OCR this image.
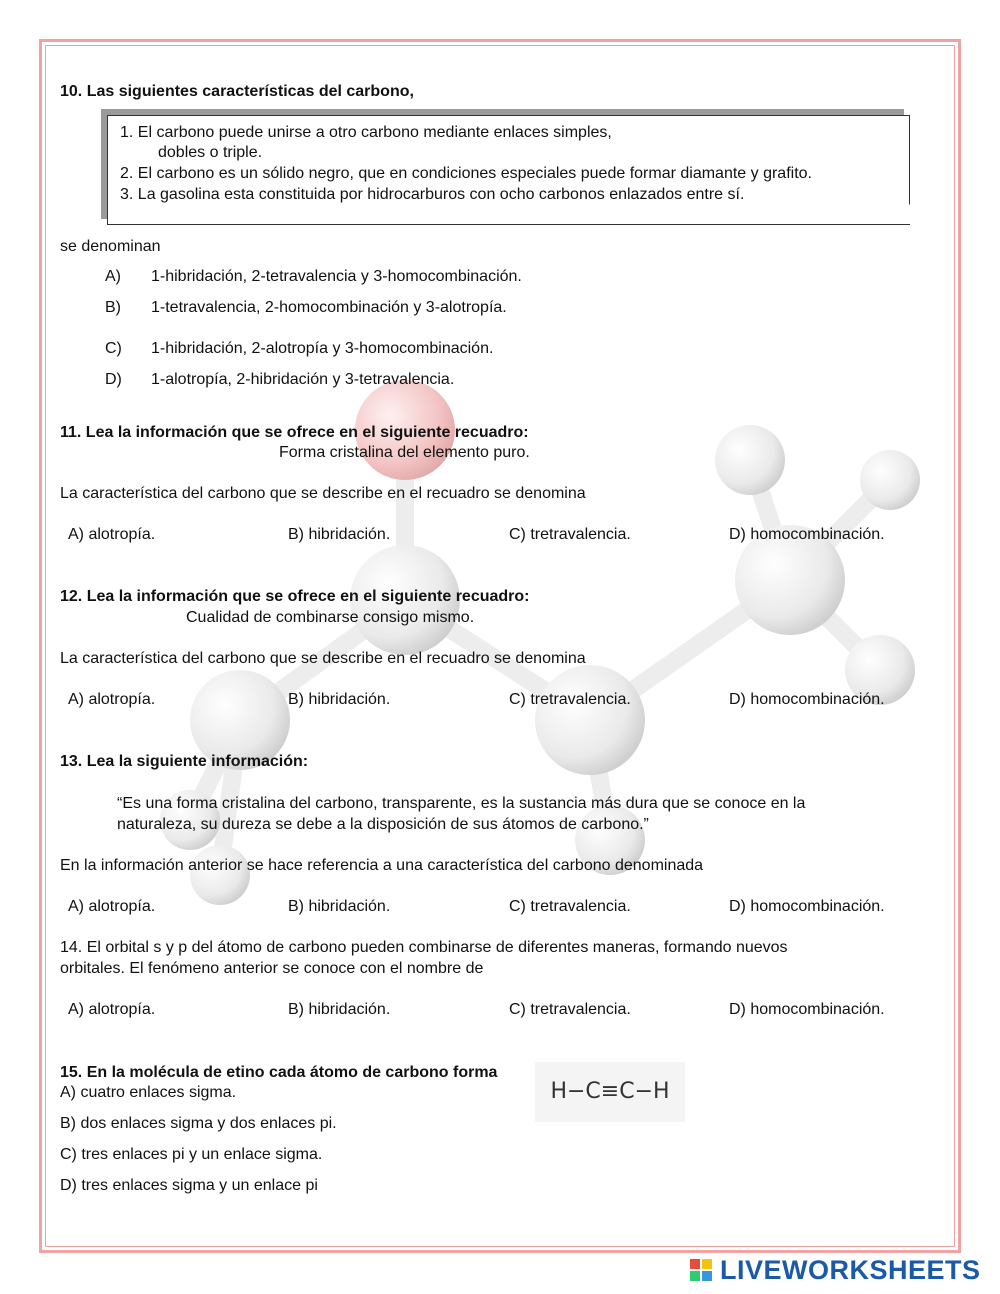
10. Las siguientes características del carbono,
1. El carbono puede unirse a otro carbono mediante enlaces simples,
dobles o triple.
2. El carbono es un sólido negro, que en condiciones especiales puede formar diamante y grafito.
3. La gasolina esta constituida por hidrocarburos con ocho carbonos enlazados entre sí.
se denominan
A) 1-hibridación, 2-tetravalencia y 3-homocombinación.
B) 1-tetravalencia, 2-homocombinación y 3-alotropía.
C) 1-hibridación, 2-alotropía y 3-homocombinación.
D) 1-alotropía, 2-hibridación y 3-tetravalencia.
11. Lea la información que se ofrece en el siguiente recuadro:
Forma cristalina del elemento puro.
La característica del carbono que se describe en el recuadro se denomina
A) alotropía.	B) hibridación.	C) tretravalencia.	D) homocombinación.
12. Lea la información que se ofrece en el siguiente recuadro:
Cualidad de combinarse consigo mismo.
La característica del carbono que se describe en el recuadro se denomina
A) alotropía.	B) hibridación.	C) tretravalencia.	D) homocombinación.
13. Lea la siguiente información:
“Es una forma cristalina del carbono, transparente, es la sustancia más dura que se conoce en la
naturaleza, su dureza se debe a la disposición de sus átomos de carbono.”
En la información anterior se hace referencia a una característica del carbono denominada
A) alotropía.	B) hibridación.	C) tretravalencia.	D) homocombinación.
14. El orbital s y p del átomo de carbono pueden combinarse de diferentes maneras, formando nuevos
orbitales. El fenómeno anterior se conoce con el nombre de
A) alotropía.	B) hibridación.	C) tretravalencia.	D) homocombinación.
15. En la molécula de etino cada átomo de carbono forma
H−C≡C−H
A) cuatro enlaces sigma.
B) dos enlaces sigma y dos enlaces pi.
C) tres enlaces pi y un enlace sigma.
D) tres enlaces sigma y un enlace pi
LIVEWORKSHEETS
